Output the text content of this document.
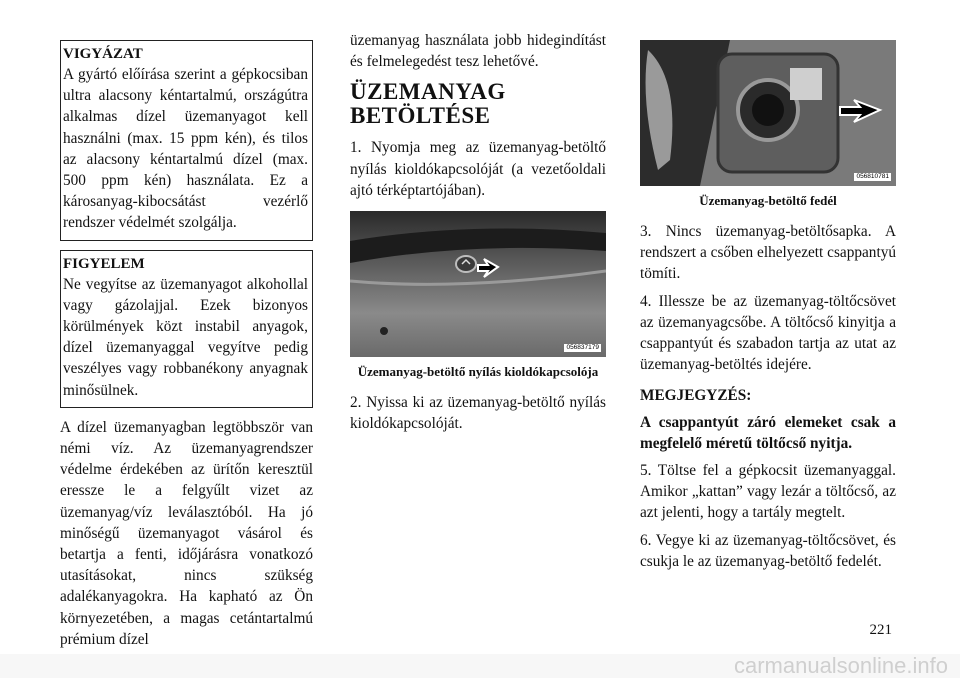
VIGYÁZAT

A gyártó előírása szerint a gépkocsiban ultra alacsony kéntartalmú, országútra alkalmas dízel üzemanyagot kell használni (max. 15 ppm kén), és tilos az alacsony kéntartalmú dízel (max. 500 ppm kén) használata. Ez a károsanyag-kibocsátást vezérlő rendszer védelmét szolgálja.

FIGYELEM

Ne vegyítse az üzemanyagot alkohollal vagy gázolajjal. Ezek bizonyos körülmények közt instabil anyagok, dízel üzemanyaggal vegyítve pedig veszélyes vagy robbanékony anyagnak minősülnek.

A dízel üzemanyagban legtöbbször van némi víz. Az üzemanyagrendszer védelme érdekében az ürítőn keresztül eressze le a felgyűlt vizet az üzemanyag/víz leválasztóból. Ha jó minőségű üzemanyagot vásárol és betartja a fenti, időjárásra vonatkozó utasításokat, nincs szükség adalékanyagokra. Ha kapható az Ön környezetében, a magas cetántartalmú prémium dízel

üzemanyag használata jobb hidegindítást és felmelegedést tesz lehetővé.

ÜZEMANYAG BETÖLTÉSE

1. Nyomja meg az üzemanyag-betöltő nyílás kioldókapcsolóját (a vezetőoldali ajtó térképtartójában).

056837179
Üzemanyag-betöltő nyílás kioldókapcsolója

2. Nyissa ki az üzemanyag-betöltő nyílás kioldókapcsolóját.

056810781
Üzemanyag-betöltő fedél

3. Nincs üzemanyag-betöltősapka. A rendszert a csőben elhelyezett csappantyú tömíti.

4. Illessze be az üzemanyag-töltőcsövet az üzemanyagcsőbe. A töltőcső kinyitja a csappantyút és szabadon tartja az utat az üzemanyag-betöltés idejére.

MEGJEGYZÉS:

A csappantyút záró elemeket csak a megfelelő méretű töltőcső nyitja.

5. Töltse fel a gépkocsit üzemanyaggal. Amikor „kattan” vagy lezár a töltőcső, az azt jelenti, hogy a tartály megtelt.

6. Vegye ki az üzemanyag-töltőcsövet, és csukja le az üzemanyag-betöltő fedelét.

221
carmanualsonline.info
